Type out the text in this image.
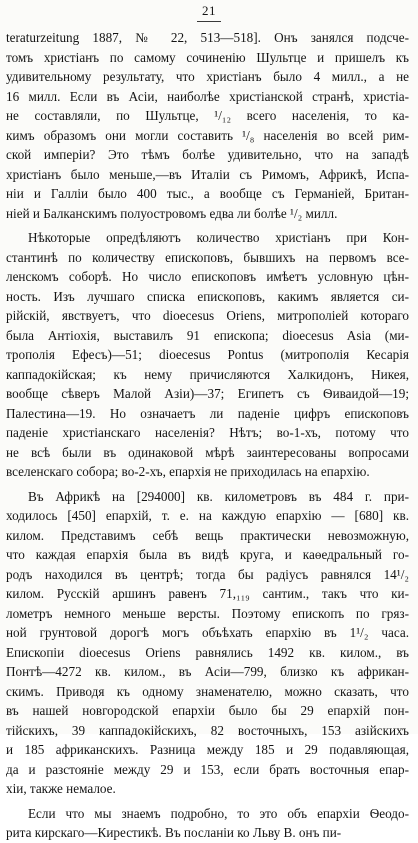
21
teraturzeitung 1887, № 22, 513—518]. Онъ занялся подсче-
томъ христіанъ по самому сочиненію Шультце и пришелъ къ
удивительному результату, что христіанъ было 4 милл., а не
16 милл. Если въ Асіи, наиболѣе христіанской странѣ, христіа-
не составляли, по Шультце, ¹/₁₂ всего населенія, то ка-
кимъ образомъ они могли составить ¹/₈ населенія во всей рим-
ской имперіи? Это тѣмъ болѣе удивительно, что на западѣ
христіанъ было меньше,—въ Италіи съ Римомъ, Африкѣ, Испа-
ніи и Галліи было 400 тыс., а вообще съ Германіей, Британ-
ніей и Балканскимъ полуостровомъ едва ли болѣе ¹/₂ милл.
Нѣкоторые опредѣляютъ количество христіанъ при Кон-
стантинѣ по количеству епископовъ, бывшихъ на первомъ все-
ленскомъ соборѣ. Но число епископовъ имѣетъ условную цѣн-
ность. Изъ лучшаго списка епископовъ, какимъ является си-
рійскій, явствуетъ, что dioecesus Oriens, митрополіей котораго
была Антіохія, выставилъ 91 епископа; dioecesus Asia (ми-
трополія Ефесъ)—51; dioecesus Pontus (митрополія Кесарія
каппадокійская; къ нему причисляются Халкидонъ, Никея,
вообще сѣверъ Малой Азіи)—37; Египетъ съ Ѳиваидой—19;
Палестина—19. Но означаетъ ли паденіе цифръ епископовъ
паденіе христіанскаго населенія? Нѣтъ; во-1-хъ, потому что
не всѣ были въ одинаковой мѣрѣ заинтересованы вопросами
вселенскаго собора; во-2-хъ, епархія не приходилась на епархію.
Въ Африкѣ на [294000] кв. километровъ въ 484 г. при-
ходилось [450] епархій, т. е. на каждую епархію — [680] кв.
килом. Представимъ себѣ вещь практически невозможную,
что каждая епархія была въ видѣ круга, и каѳедральный го-
родъ находился въ центрѣ; тогда бы радіусъ равнялся 14¹/₂
килом. Русскій аршинъ равенъ 71,₁₁₉ сантим., такъ что ки-
лометръ немного меньше версты. Поэтому епископъ по гряз-
ной грунтовой дорогѣ могъ объѣхать епархію въ 1¹/₂ часа.
Епископіи dioecesus Oriens равнялись 1492 кв. килом., въ
Понтѣ—4272 кв. килом., въ Асіи—799, близко къ африкан-
скимъ. Приводя къ одному знаменателю, можно сказать, что
въ нашей новгородской епархіи было бы 29 епархій пон-
тійскихъ, 39 каппадокійскихъ, 82 восточныхъ, 153 азійскихъ
и 185 африканскихъ. Разница между 185 и 29 подавляющая,
да и разстояніе между 29 и 153, если брать восточныя епар-
хіи, также немалое.
Если что мы знаемъ подробно, то это объ епархіи Ѳеодо-
рита кирскаго—Кирестикѣ. Въ посланіи ко Льву В. онъ пи-
